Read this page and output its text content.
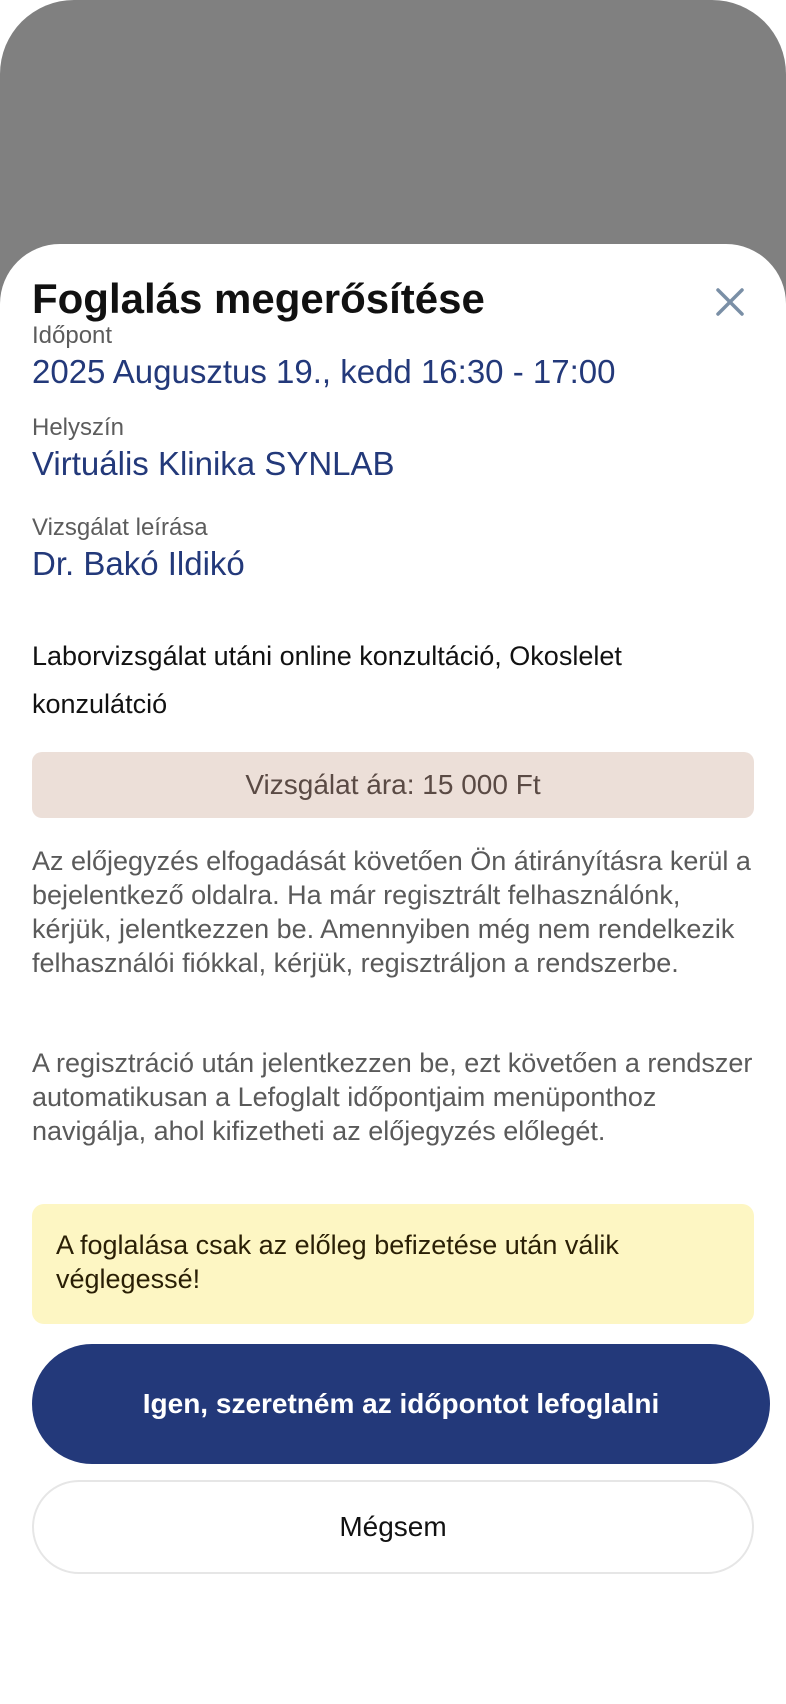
Foglalás megerősítése
Időpont
2025 Augusztus 19., kedd 16:30 - 17:00
Helyszín
Virtuális Klinika SYNLAB
Vizsgálat leírása
Dr. Bakó Ildikó
Laborvizsgálat utáni online konzultáció, Okoslelet konzulátció
Vizsgálat ára: 15 000 Ft
Az előjegyzés elfogadását követően Ön átirányításra kerül a bejelentkező oldalra. Ha már regisztrált felhasználónk, kérjük, jelentkezzen be. Amennyiben még nem rendelkezik felhasználói fiókkal, kérjük, regisztráljon a rendszerbe.
A regisztráció után jelentkezzen be, ezt követően a rendszer automatikusan a Lefoglalt időpontjaim menüponthoz navigálja, ahol kifizetheti az előjegyzés előlegét.
A foglalása csak az előleg befizetése után válik véglegessé!
Igen, szeretném az időpontot lefoglalni
Mégsem
